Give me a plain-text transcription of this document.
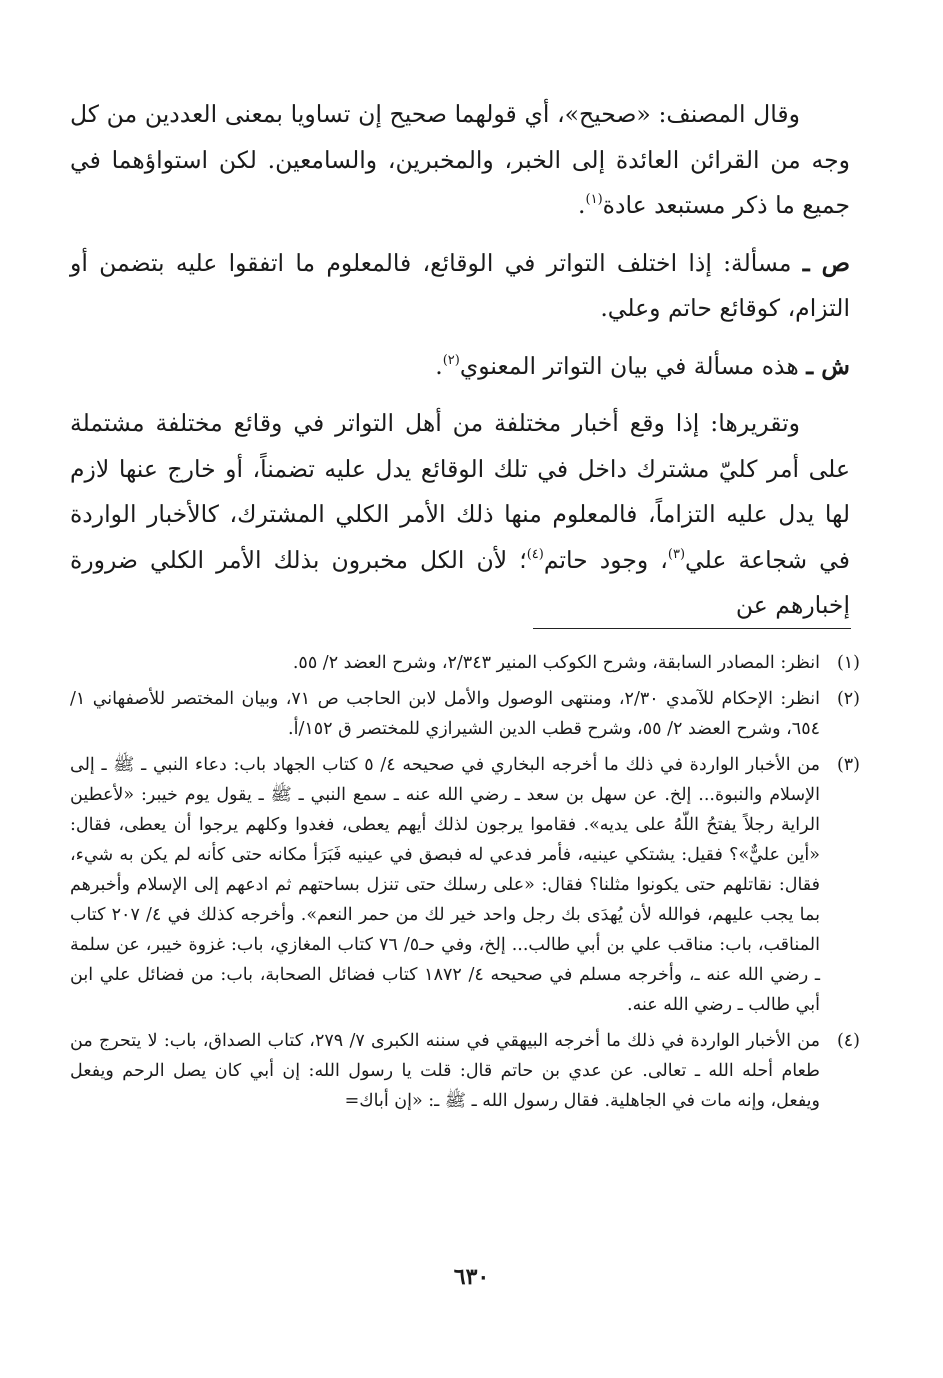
وقال المصنف: «صحيح»، أي قولهما صحيح إن تساويا بمعنى العددين من كل وجه من القرائن العائدة إلى الخبر، والمخبرين، والسامعين. لكن استواؤهما في جميع ما ذكر مستبعد عادة$^{(١)}$.

ص ـ مسألة: إذا اختلف التواتر في الوقائع، فالمعلوم ما اتفقوا عليه بتضمن أو التزام، كوقائع حاتم وعلي.

ش ـ هذه مسألة في بيان التواتر المعنوي$^{(٢)}$.

وتقريرها: إذا وقع أخبار مختلفة من أهل التواتر في وقائع مختلفة مشتملة على أمر كليّ مشترك داخل في تلك الوقائع يدل عليه تضمناً، أو خارج عنها لازم لها يدل عليه التزاماً، فالمعلوم منها ذلك الأمر الكلي المشترك، كالأخبار الواردة في شجاعة علي$^{(٣)}$، وجود حاتم$^{(٤)}$؛ لأن الكل مخبرون بذلك الأمر الكلي ضرورة إخبارهم عن

(١)
انظر: المصادر السابقة، وشرح الكوكب المنير ٢/٣٤٣، وشرح العضد ٢/ ٥٥.
(٢)
انظر: الإحكام للآمدي ٢/٣٠، ومنتهى الوصول والأمل لابن الحاجب ص ٧١، وبيان المختصر للأصفهاني ١/ ٦٥٤، وشرح العضد ٢/ ٥٥، وشرح قطب الدين الشيرازي للمختصر ق ١٥٢/أ.
(٣)
من الأخبار الواردة في ذلك ما أخرجه البخاري في صحيحه ٤/ ٥ كتاب الجهاد باب: دعاء النبي ـ ﷺ ـ إلى الإسلام والنبوة... إلخ. عن سهل بن سعد ـ رضي الله عنه ـ سمع النبي ـ ﷺ ـ يقول يوم خيبر: «لأعطين الراية رجلاً يفتحُ اللّهُ على يديه». فقاموا يرجون لذلك أيهم يعطى، فغدوا وكلهم يرجوا أن يعطى، فقال: «أين عليٌّ»؟ فقيل: يشتكي عينيه، فأمر فدعي له فبصق في عينيه فَبَرَأ مكانه حتى كأنه لم يكن به شيء، فقال: نقاتلهم حتى يكونوا مثلنا؟ فقال: «على رسلك حتى تنزل بساحتهم ثم ادعهم إلى الإسلام وأخبرهم بما يجب عليهم، فوالله لأن يُهدَى بك رجل واحد خير لك من حمر النعم». وأخرجه كذلك في ٤/ ٢٠٧ كتاب المناقب، باب: مناقب علي بن أبي طالب... إلخ، وفي حـ٥/ ٧٦ كتاب المغازي، باب: غزوة خيبر، عن سلمة ـ رضي الله عنه ـ، وأخرجه مسلم في صحيحه ٤/ ١٨٧٢ كتاب فضائل الصحابة، باب: من فضائل علي ابن أبي طالب ـ رضي الله عنه.
(٤)
من الأخبار الواردة في ذلك ما أخرجه البيهقي في سننه الكبرى ٧/ ٢٧٩، كتاب الصداق، باب: لا يتحرج من طعام أحله الله ـ تعالى. عن عدي بن حاتم قال: قلت يا رسول الله: إن أبي كان يصل الرحم ويفعل ويفعل، وإنه مات في الجاهلية. فقال رسول الله ـ ﷺ ـ: «إن أباك=
٦٣٠
